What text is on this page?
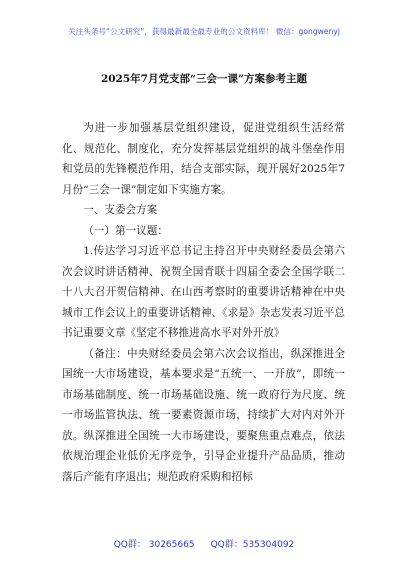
关注头条号“公文研究”，获得最新最全最专业的公文资料库！ 微信：gongwenyj
2025年7月党支部“三会一课”方案参考主题

为进一步加强基层党组织建设，促进党组织生活经常化、规范化、制度化，充分发挥基层党组织的战斗堡垒作用和党员的先锋模范作用，结合支部实际，现开展好2025年7月份“三会一课”制定如下实施方案。

一、支委会方案

（一）第一议题：

1.传达学习习近平总书记主持召开中央财经委员会第六次会议时讲话精神、祝贺全国青联十四届全委会全国学联二十八大召开贺信精神、在山西考察时的重要讲话精神在中央城市工作会议上的重要讲话精神、《求是》杂志发表习近平总书记重要文章《坚定不移推进高水平对外开放》

（备注：中央财经委员会第六次会议指出，纵深推进全国统一大市场建设，基本要求是“五统一、一开放”，即统一市场基础制度、统一市场基础设施、统一政府行为尺度、统一市场监管执法、统一要素资源市场，持续扩大对内对外开放。纵深推进全国统一大市场建设，要聚焦重点难点，依法依规治理企业低价无序竞争，引导企业提升产品品质，推动落后产能有序退出；规范政府采购和招标

QQ群： 30265665 QQ群：535304092
